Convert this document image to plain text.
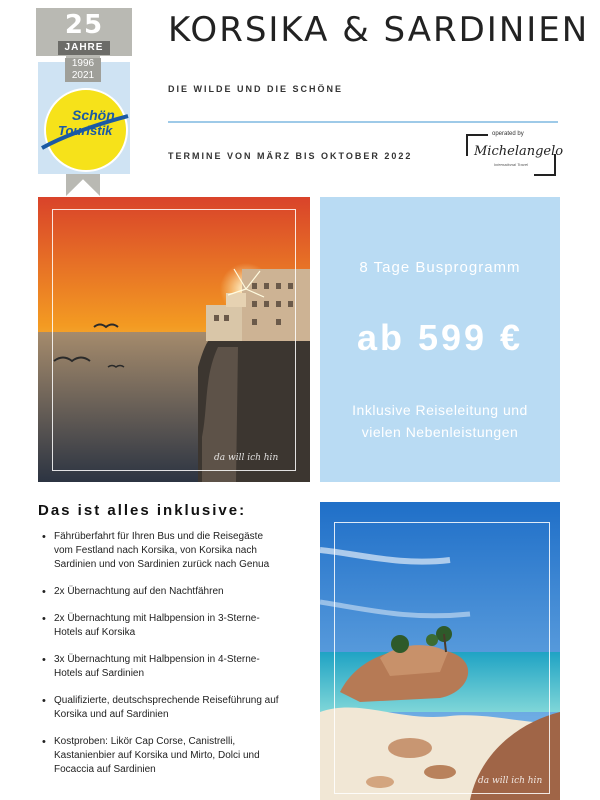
25
JAHRE
1996
2021
Schön
Touristik
KORSIKA & SARDINIEN
DIE WILDE UND DIE SCHÖNE
TERMINE VON MÄRZ BIS OKTOBER 2022
operated by
Michelangelo
International Travel
da will ich hin
8 Tage Busprogramm
ab 599 €
Inklusive Reiseleitung und vielen Nebenleistungen
Das ist alles inklusive:
• Fährüberfahrt für Ihren Bus und die Reisegäste vom Festland nach Korsika, von Korsika nach Sardinien und von Sardinien zurück nach Genua
• 2x Übernachtung auf den Nachtfähren
• 2x Übernachtung mit Halbpension in 3-Sterne-Hotels auf Korsika
• 3x Übernachtung mit Halbpension in 4-Sterne-Hotels auf Sardinien
• Qualifizierte, deutschsprechende Reiseführung auf Korsika und auf Sardinien
• Kostproben: Likör Cap Corse, Canistrelli, Kastanienbier auf Korsika und Mirto, Dolci und Focaccia auf Sardinien
da will ich hin
